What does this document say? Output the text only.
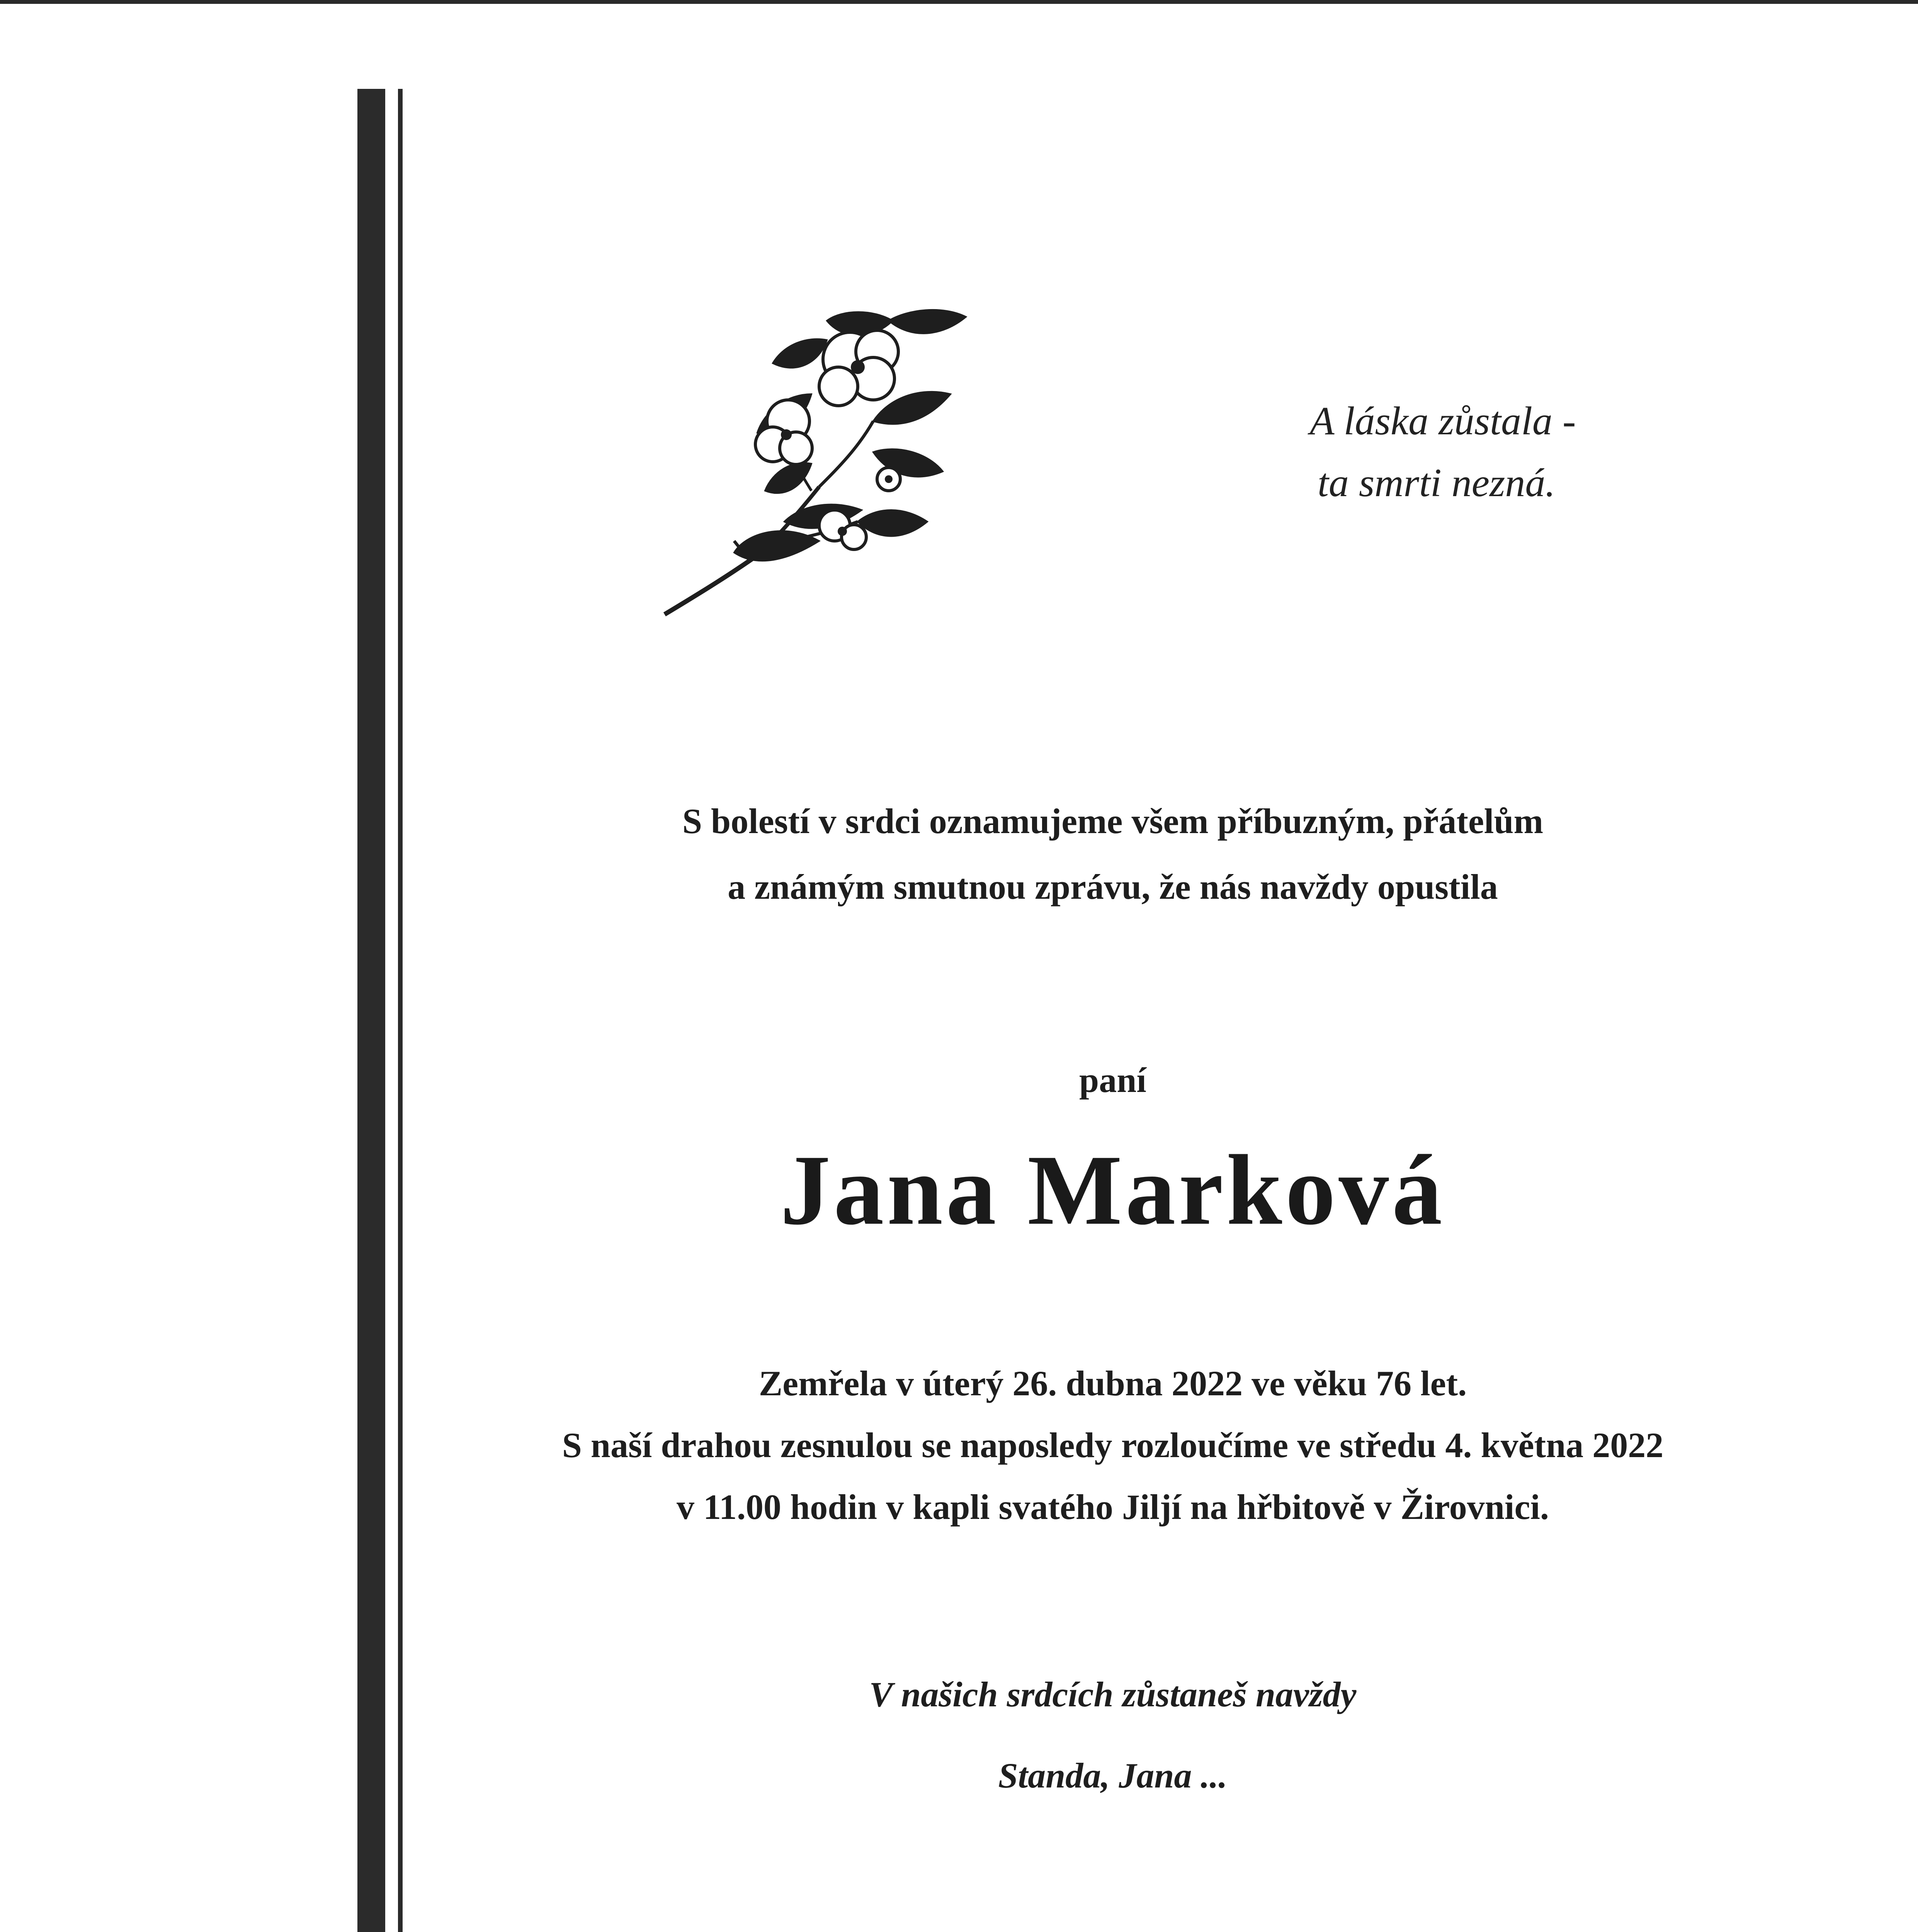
A láska zůstala -
ta smrti nezná.
S bolestí v srdci oznamujeme všem příbuzným, přátelům
a známým smutnou zprávu, že nás navždy opustila
paní
Jana Marková
Zemřela v úterý 26. dubna 2022 ve věku 76 let.
S naší drahou zesnulou se naposledy rozloučíme ve středu 4. května 2022
v 11.00 hodin v kapli svatého Jiljí na hřbitově v Žirovnici.
V našich srdcích zůstaneš navždy
Standa, Jana ...
